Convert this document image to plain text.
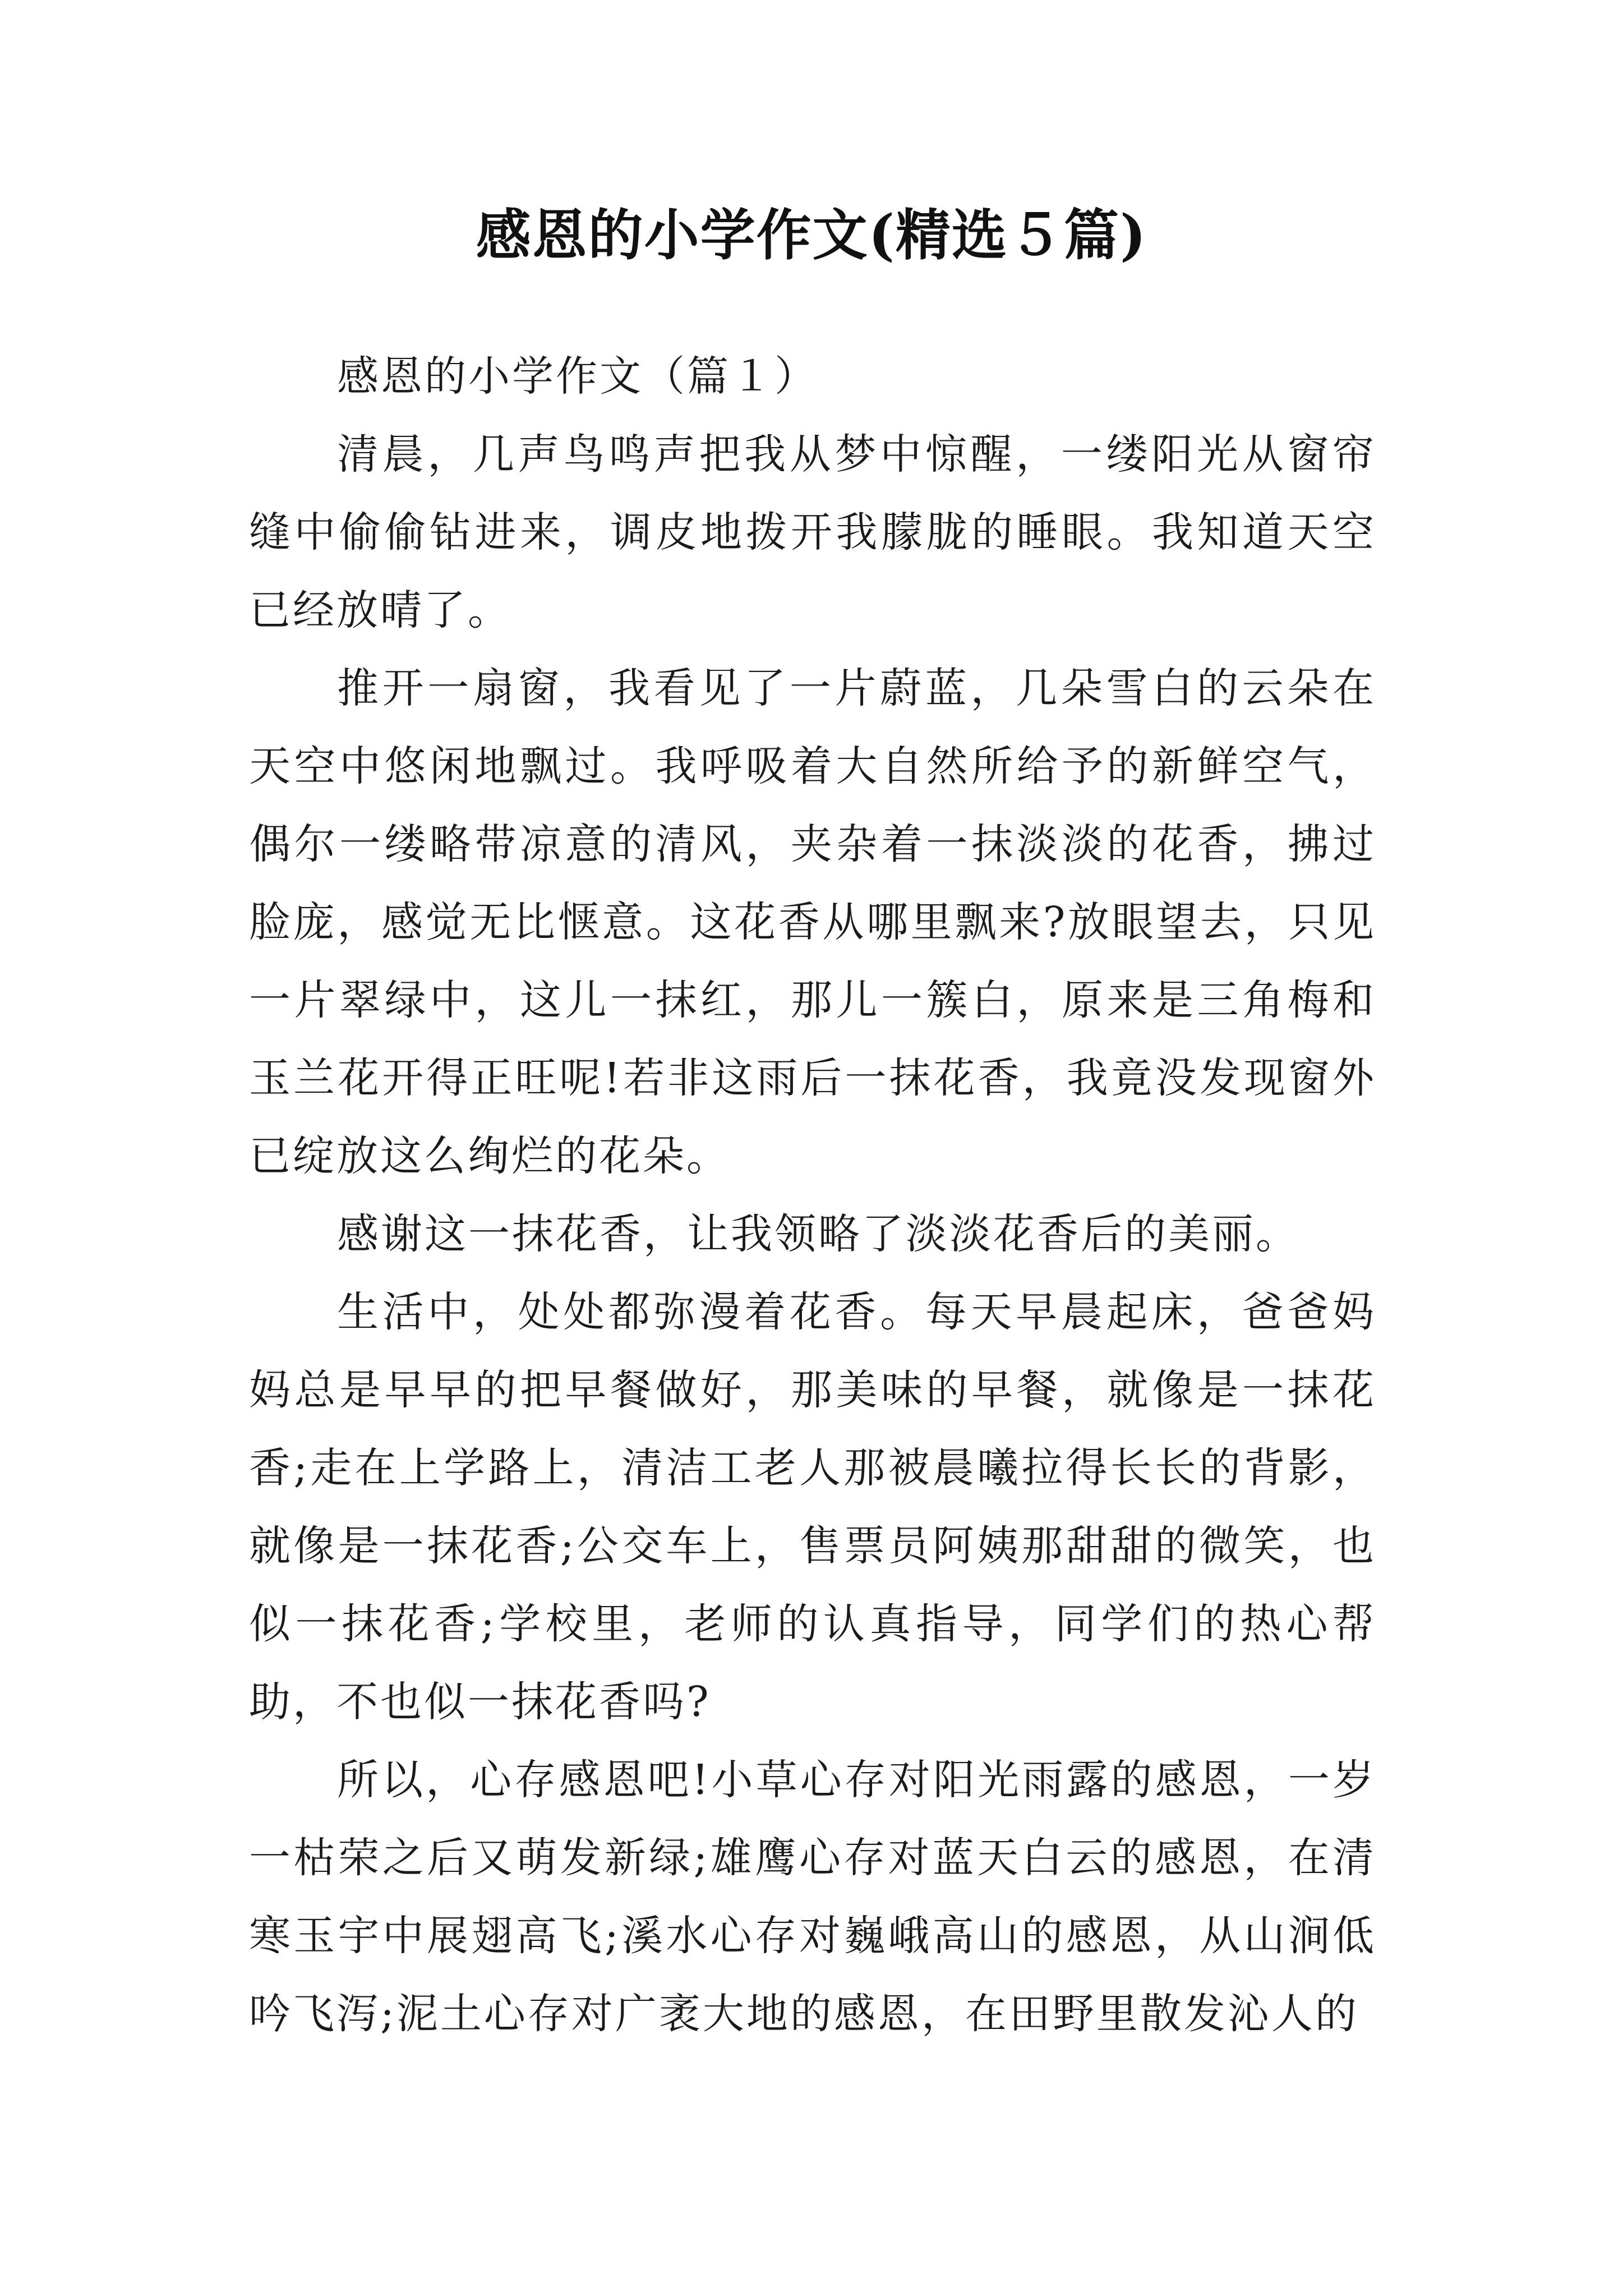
感恩的小学作文(精选５篇)

感恩的小学作文（篇１）

清晨，几声鸟鸣声把我从梦中惊醒，一缕阳光从窗帘缝中偷偷钻进来，调皮地拨开我朦胧的睡眼。我知道天空已经放晴了。

推开一扇窗，我看见了一片蔚蓝，几朵雪白的云朵在天空中悠闲地飘过。我呼吸着大自然所给予的新鲜空气，偶尔一缕略带凉意的清风，夹杂着一抹淡淡的花香，拂过脸庞，感觉无比惬意。这花香从哪里飘来?放眼望去，只见一片翠绿中，这儿一抹红，那儿一簇白，原来是三角梅和玉兰花开得正旺呢!若非这雨后一抹花香，我竟没发现窗外已绽放这么绚烂的花朵。

感谢这一抹花香，让我领略了淡淡花香后的美丽。

生活中，处处都弥漫着花香。每天早晨起床，爸爸妈妈总是早早的把早餐做好，那美味的早餐，就像是一抹花香;走在上学路上，清洁工老人那被晨曦拉得长长的背影，就像是一抹花香;公交车上，售票员阿姨那甜甜的微笑，也似一抹花香;学校里，老师的认真指导，同学们的热心帮助，不也似一抹花香吗?

所以，心存感恩吧!小草心存对阳光雨露的感恩，一岁一枯荣之后又萌发新绿;雄鹰心存对蓝天白云的感恩，在清寒玉宇中展翅高飞;溪水心存对巍峨高山的感恩，从山涧低吟飞泻;泥土心存对广袤大地的感恩，在田野里散发沁人的
